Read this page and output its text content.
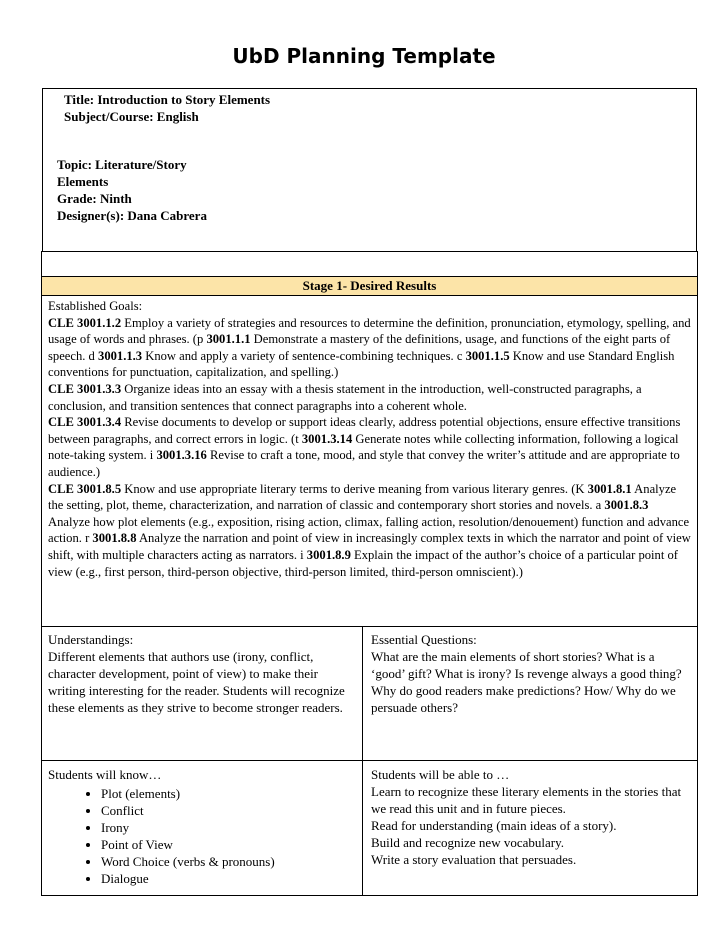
UbD Planning Template
Title: Introduction to Story Elements
Subject/Course: English
Topic: Literature/Story
Elements
Grade: Ninth
Designer(s): Dana Cabrera
Stage 1- Desired Results
Established Goals:
CLE 3001.1.2 Employ a variety of strategies and resources to determine the definition, pronunciation, etymology, spelling, and usage of words and phrases. (p 3001.1.1 Demonstrate a mastery of the definitions, usage, and functions of the eight parts of speech. d 3001.1.3 Know and apply a variety of sentence-combining techniques. c 3001.1.5 Know and use Standard English conventions for punctuation, capitalization, and spelling.)
CLE 3001.3.3 Organize ideas into an essay with a thesis statement in the introduction, well-constructed paragraphs, a conclusion, and transition sentences that connect paragraphs into a coherent whole.
CLE 3001.3.4 Revise documents to develop or support ideas clearly, address potential objections, ensure effective transitions between paragraphs, and correct errors in logic. (t 3001.3.14 Generate notes while collecting information, following a logical note-taking system. i 3001.3.16 Revise to craft a tone, mood, and style that convey the writer’s attitude and are appropriate to audience.)
CLE 3001.8.5 Know and use appropriate literary terms to derive meaning from various literary genres. (K 3001.8.1 Analyze the setting, plot, theme, characterization, and narration of classic and contemporary short stories and novels. a 3001.8.3 Analyze how plot elements (e.g., exposition, rising action, climax, falling action, resolution/denouement) function and advance action. r 3001.8.8 Analyze the narration and point of view in increasingly complex texts in which the narrator and point of view shift, with multiple characters acting as narrators. i 3001.8.9 Explain the impact of the author’s choice of a particular point of view (e.g., first person, third-person objective, third-person limited, third-person omniscient).)
Understandings:
Different elements that authors use (irony, conflict, character development, point of view) to make their writing interesting for the reader. Students will recognize these elements as they strive to become stronger readers.
Essential Questions:
What are the main elements of short stories? What is a ‘good’ gift? What is irony? Is revenge always a good thing? Why do good readers make predictions? How/ Why do we persuade others?
Students will know…
• Plot (elements)
• Conflict
• Irony
• Point of View
• Word Choice (verbs & pronouns)
• Dialogue
Students will be able to …
Learn to recognize these literary elements in the stories that we read this unit and in future pieces.
Read for understanding (main ideas of a story).
Build and recognize new vocabulary.
Write a story evaluation that persuades.
